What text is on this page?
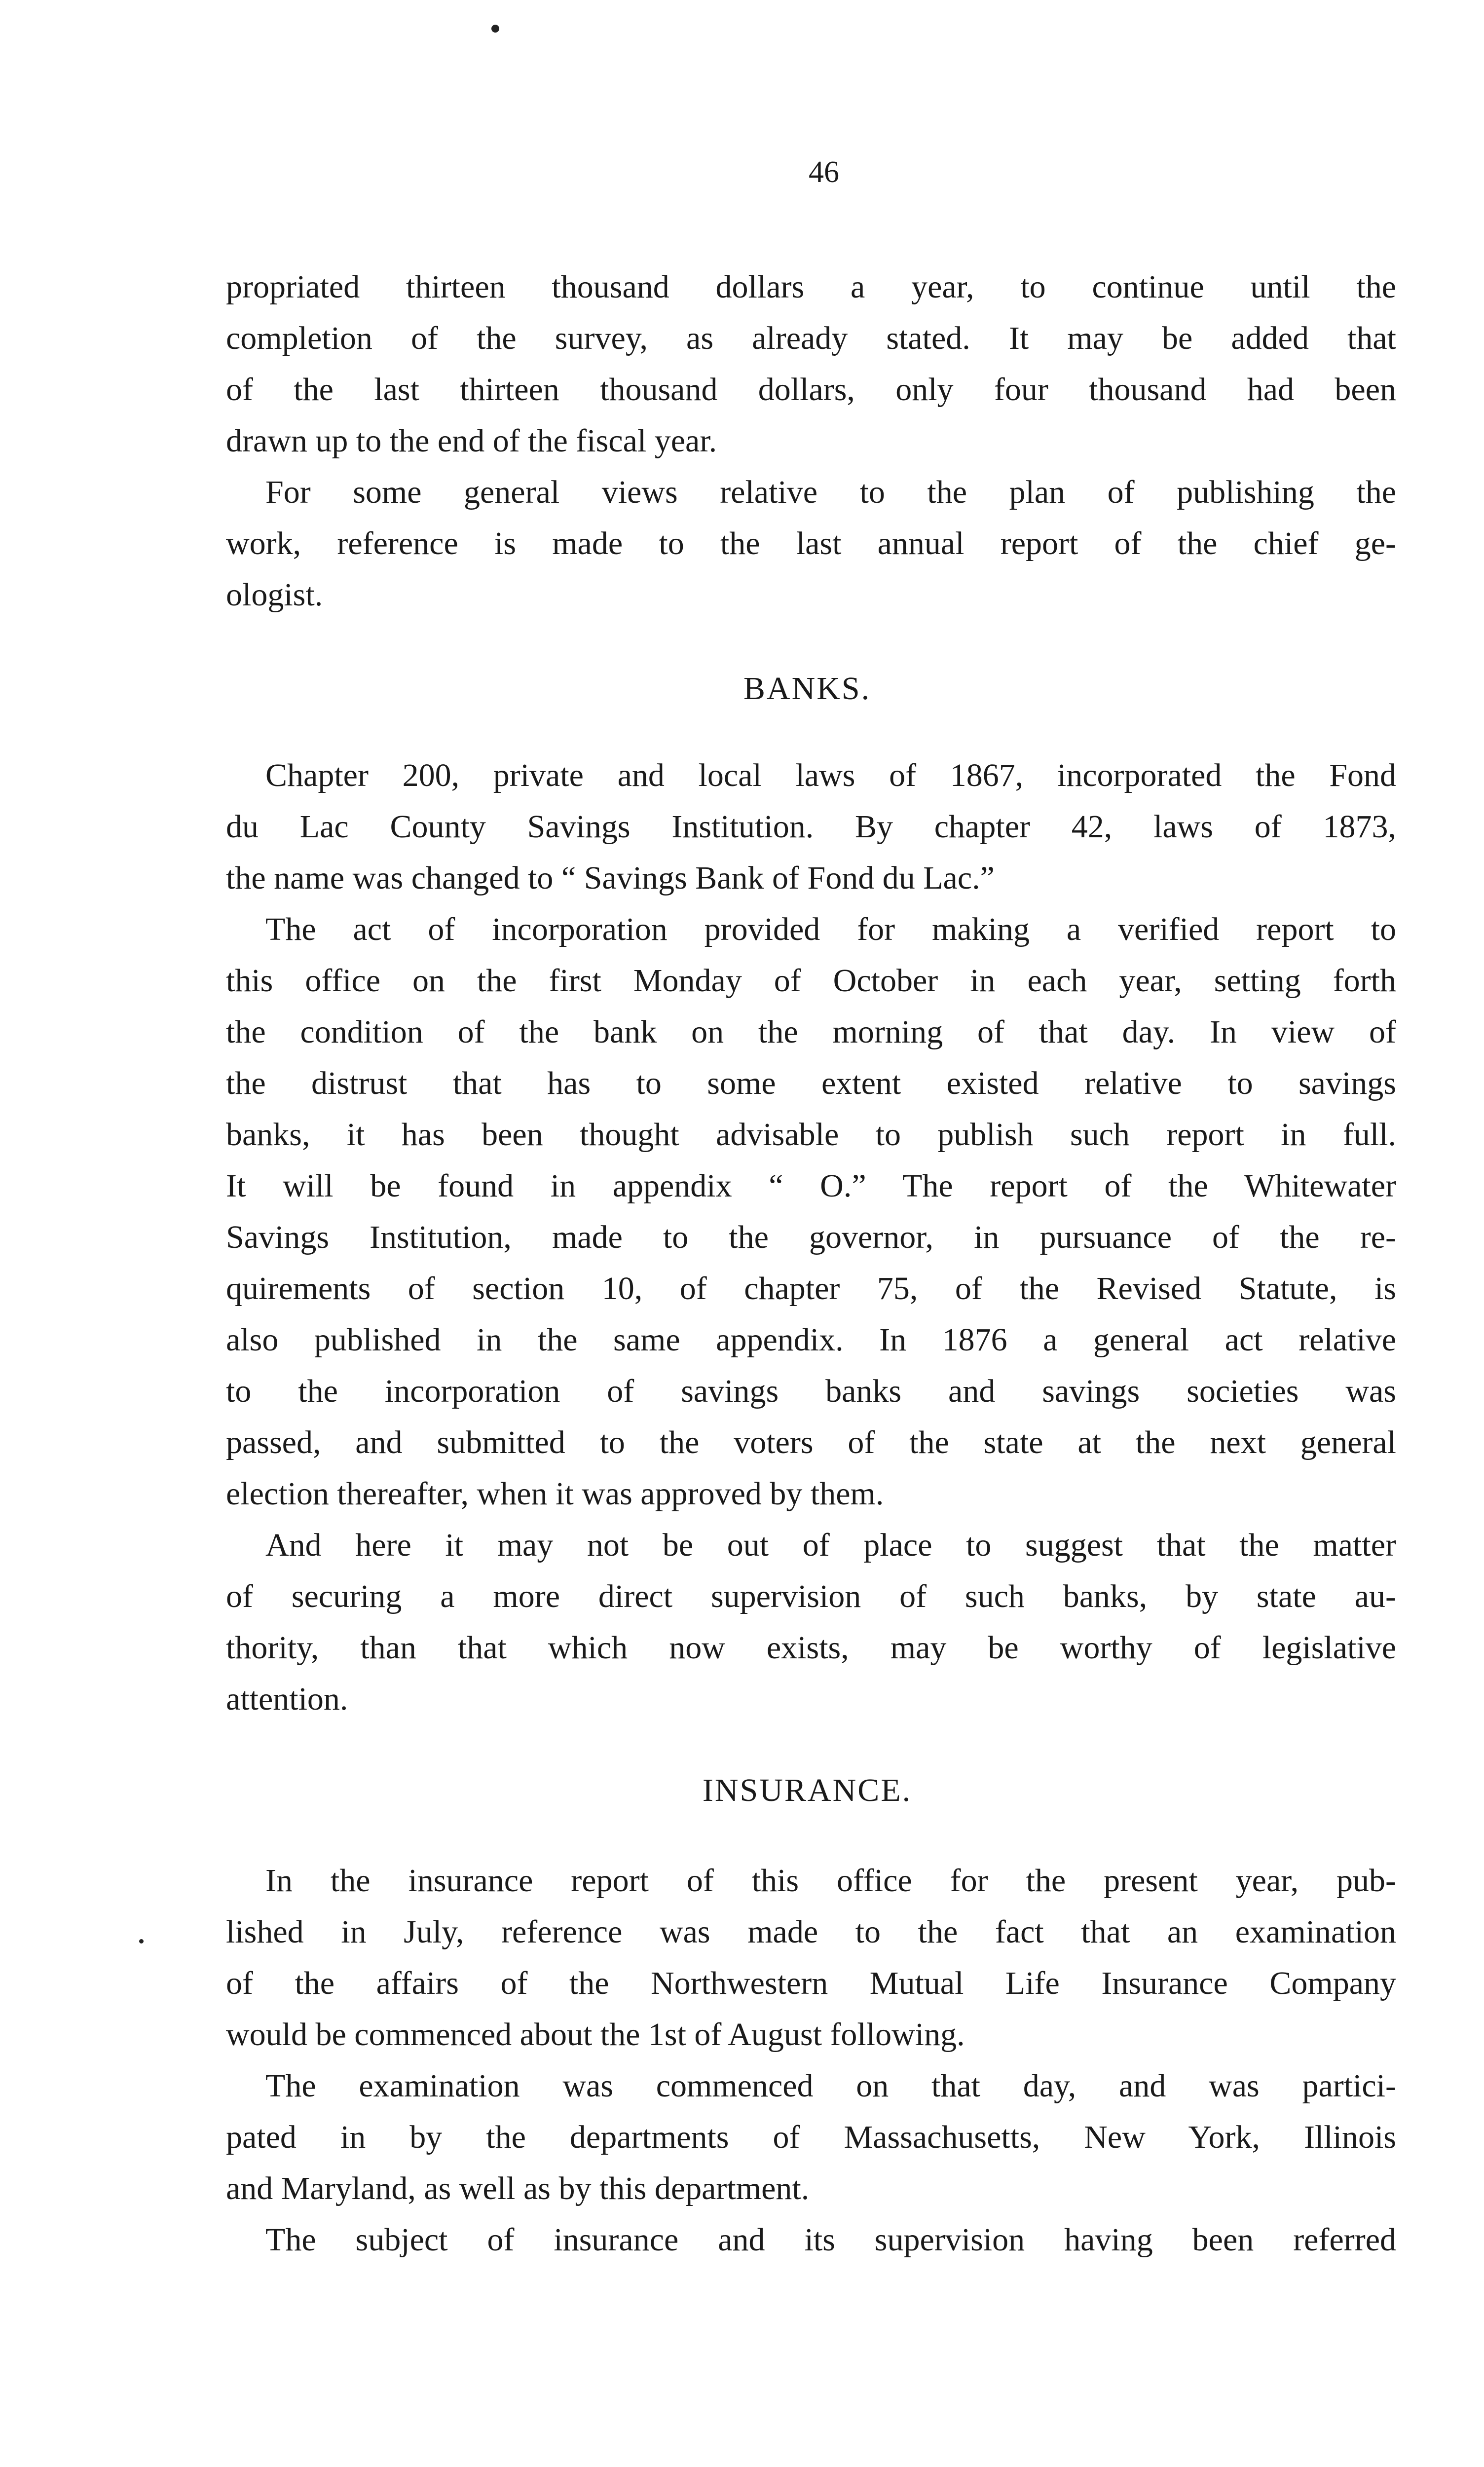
46
propriated thirteen thousand dollars a year, to continue until the
completion of the survey, as already stated. It may be added that
of the last thirteen thousand dollars, only four thousand had been
drawn up to the end of the fiscal year.
For some general views relative to the plan of publishing the
work, reference is made to the last annual report of the chief ge-
ologist.
BANKS.
Chapter 200, private and local laws of 1867, incorporated the Fond
du Lac County Savings Institution. By chapter 42, laws of 1873,
the name was changed to “ Savings Bank of Fond du Lac.”
The act of incorporation provided for making a verified report to
this office on the first Monday of October in each year, setting forth
the condition of the bank on the morning of that day. In view of
the distrust that has to some extent existed relative to savings
banks, it has been thought advisable to publish such report in full.
It will be found in appendix “ O.” The report of the Whitewater
Savings Institution, made to the governor, in pursuance of the re-
quirements of section 10, of chapter 75, of the Revised Statute, is
also published in the same appendix. In 1876 a general act relative
to the incorporation of savings banks and savings societies was
passed, and submitted to the voters of the state at the next general
election thereafter, when it was approved by them.
And here it may not be out of place to suggest that the matter
of securing a more direct supervision of such banks, by state au-
thority, than that which now exists, may be worthy of legislative
attention.
INSURANCE.
In the insurance report of this office for the present year, pub-
lished in July, reference was made to the fact that an examination
of the affairs of the Northwestern Mutual Life Insurance Company
would be commenced about the 1st of August following.
The examination was commenced on that day, and was partici-
pated in by the departments of Massachusetts, New York, Illinois
and Maryland, as well as by this department.
The subject of insurance and its supervision having been referred
